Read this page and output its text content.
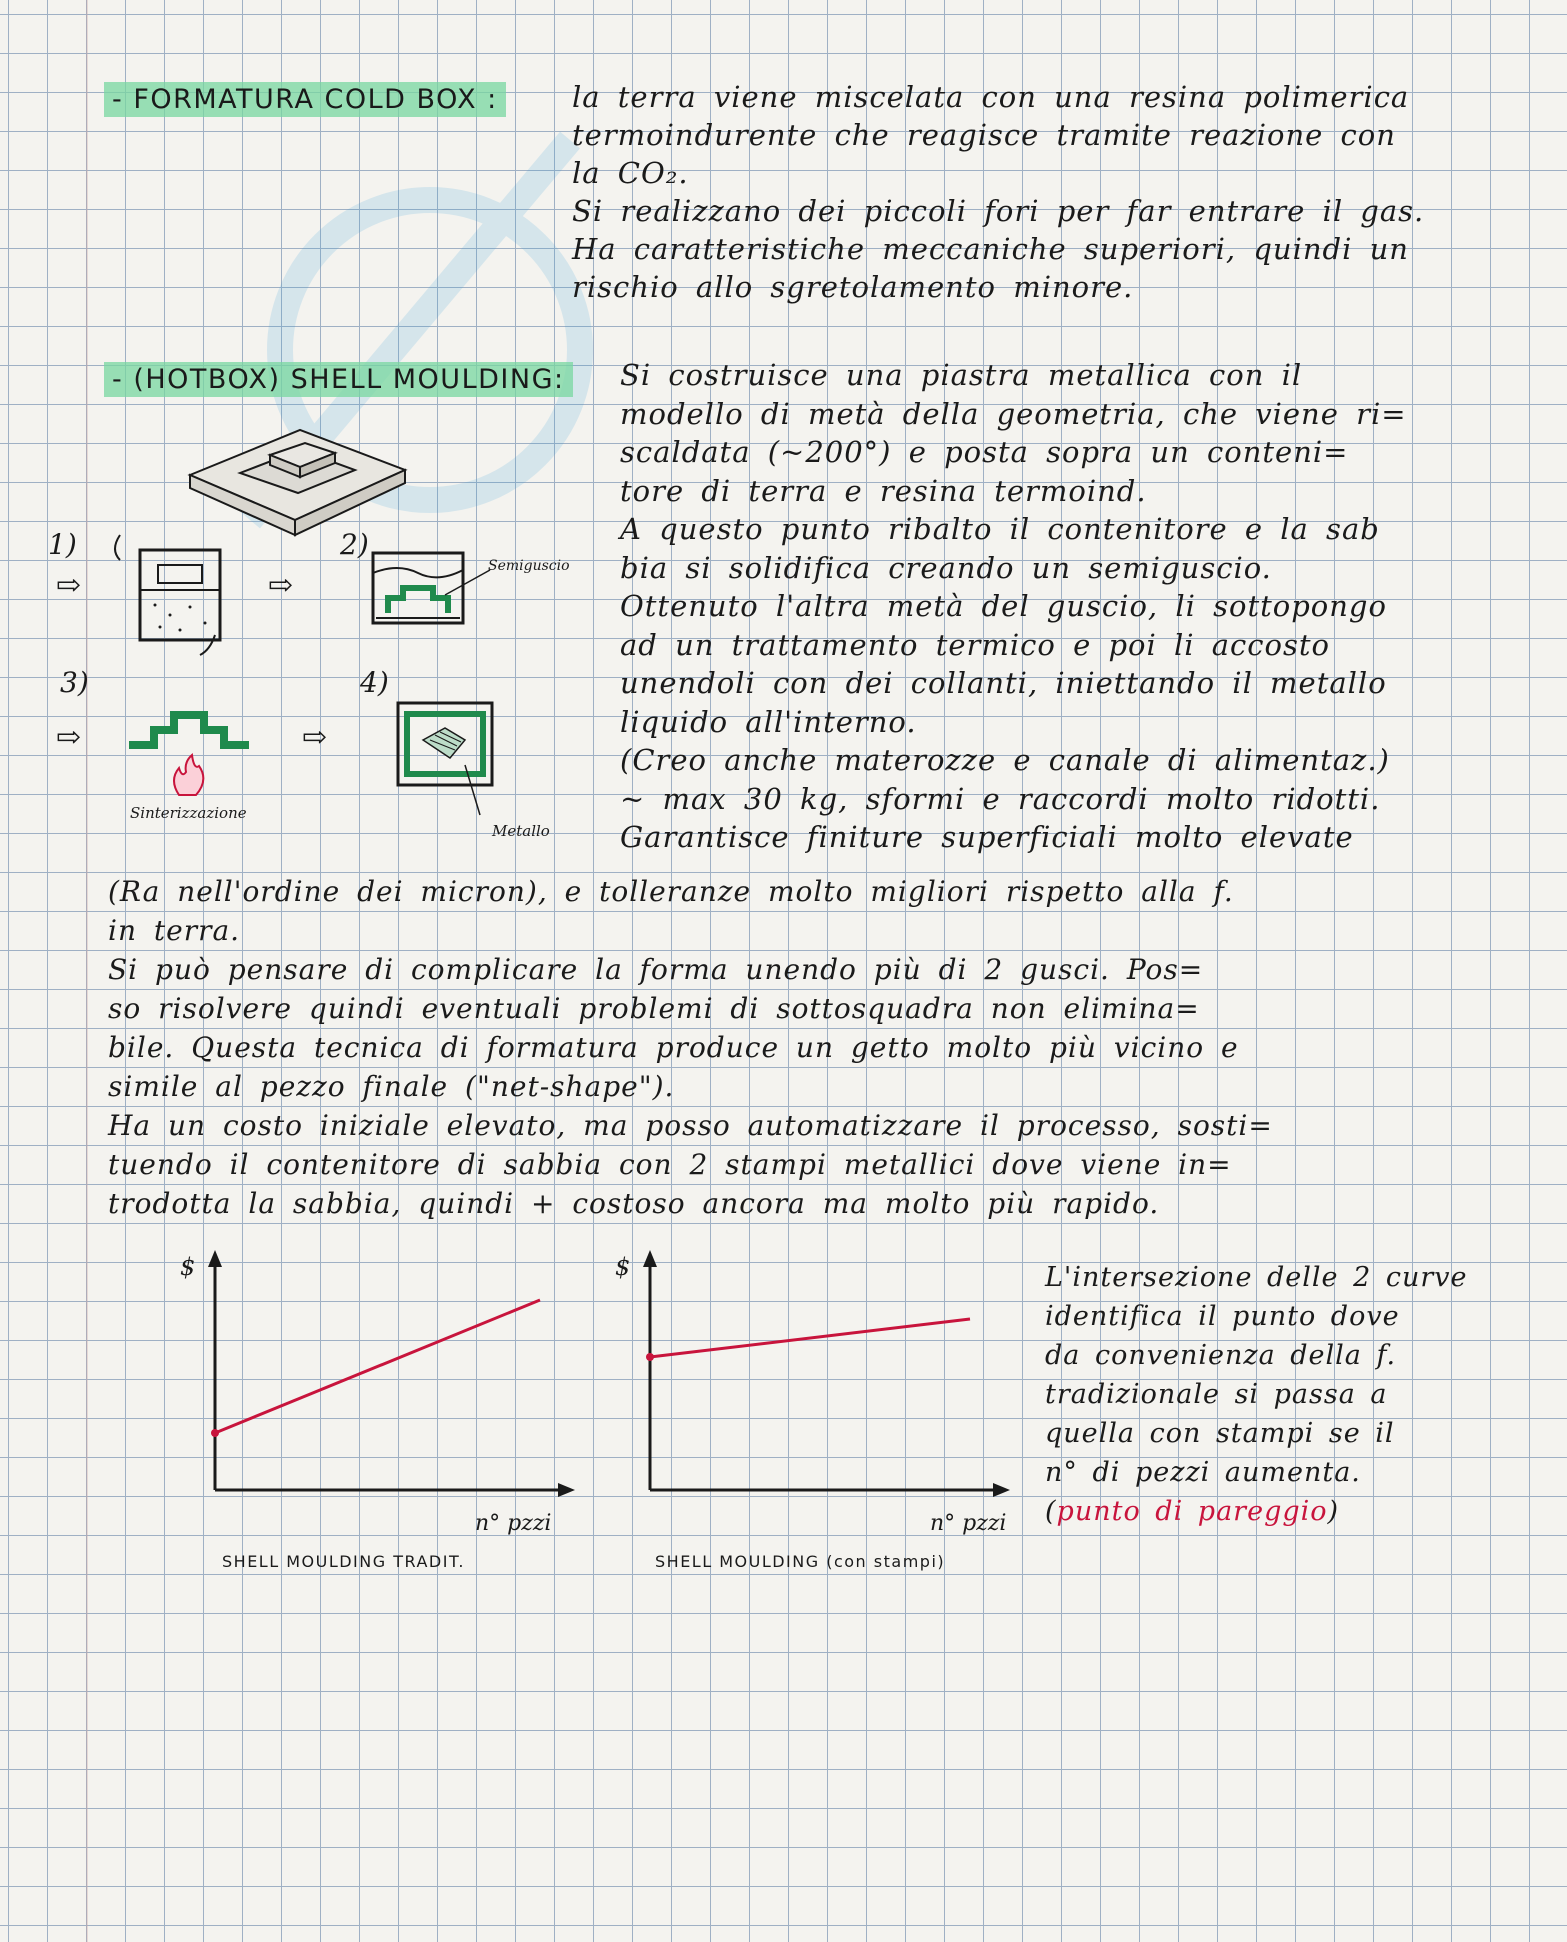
- FORMATURA COLD BOX :	la terra viene miscelata con una resina polimerica
termoindurente che reagisce tramite reazione con
la CO₂.
Si realizzano dei piccoli fori per far entrare il gas.
Ha caratteristiche meccaniche superiori, quindi un
rischio allo sgretolamento minore.
- (HOTBOX) SHELL MOULDING: Si costruisce una piastra metallica con il
modello di metà della geometria, che viene ri=
scaldata (~200°) e posta sopra un conteni=
tore di terra e resina termoind.
A questo punto ribalto il contenitore e la sab
bia si solidifica creando un semiguscio.
Ottenuto l'altra metà del guscio, li sottopongo
ad un trattamento termico e poi li accosto
unendoli con dei collanti, iniettando il metallo
liquido all'interno.
(Creo anche materozze e canale di alimentaz.)
~ max 30 kg, sformi e raccordi molto ridotti.
Garantisce finiture superficiali molto elevate
(Ra nell'ordine dei micron), e tolleranze molto migliori rispetto alla f.
in terra.
Si può pensare di complicare la forma unendo più di 2 gusci. Pos=
so risolvere quindi eventuali problemi di sottosquadra non elimina=
bile. Questa tecnica di formatura produce un getto molto più vicino e
simile al pezzo finale ("net-shape").
Ha un costo iniziale elevato, ma posso automatizzare il processo, sosti=
tuendo il contenitore di sabbia con 2 stampi metallici dove viene in=
trodotta la sabbia, quindi + costoso ancora ma molto più rapido.
1)
⇨	⇨
2)
Semiguscio
3)
⇨
Sinterizzazione
⇨
4)
Metallo
$
n° pzzi
SHELL MOULDING TRADIT.
$
n° pzzi
SHELL MOULDING (con stampi)
L'intersezione delle 2 curve
identifica il punto dove
da convenienza della f.
tradizionale si passa a
quella con stampi se il
n° di pezzi aumenta.
(punto di pareggio)
